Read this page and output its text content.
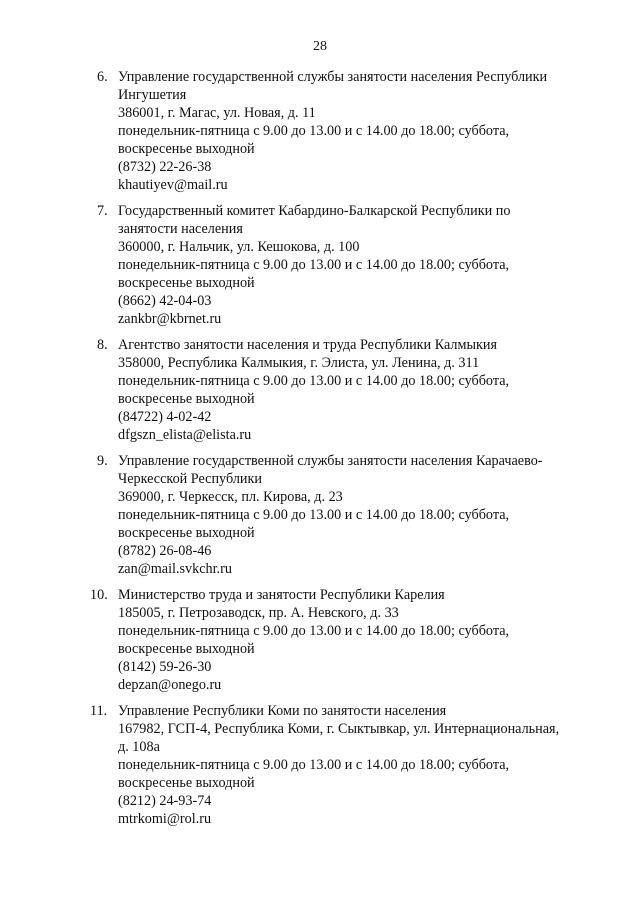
28
6. Управление государственной службы занятости населения Республики
Ингушетия
386001, г. Магас, ул. Новая, д. 11
понедельник-пятница с 9.00 до 13.00 и с 14.00 до 18.00; суббота,
воскресенье выходной
(8732) 22-26-38
khautiyev@mail.ru
7. Государственный комитет Кабардино-Балкарской Республики по
занятости населения
360000, г. Нальчик, ул. Кешокова, д. 100
понедельник-пятница с 9.00 до 13.00 и с 14.00 до 18.00; суббота,
воскресенье выходной
(8662) 42-04-03
zankbr@kbrnet.ru
8. Агентство занятости населения и труда Республики Калмыкия
358000, Республика Калмыкия, г. Элиста, ул. Ленина, д. 311
понедельник-пятница с 9.00 до 13.00 и с 14.00 до 18.00; суббота,
воскресенье выходной
(84722) 4-02-42
dfgszn_elista@elista.ru
9. Управление государственной службы занятости населения Карачаево-
Черкесской Республики
369000, г. Черкесск, пл. Кирова, д. 23
понедельник-пятница с 9.00 до 13.00 и с 14.00 до 18.00; суббота,
воскресенье выходной
(8782) 26-08-46
zan@mail.svkchr.ru
10. Министерство труда и занятости Республики Карелия
185005, г. Петрозаводск, пр. А. Невского, д. 33
понедельник-пятница с 9.00 до 13.00 и с 14.00 до 18.00; суббота,
воскресенье выходной
(8142) 59-26-30
depzan@onego.ru
11. Управление Республики Коми по занятости населения
167982, ГСП-4, Республика Коми, г. Сыктывкар, ул. Интернациональная,
д. 108а
понедельник-пятница с 9.00 до 13.00 и с 14.00 до 18.00; суббота,
воскресенье выходной
(8212) 24-93-74
mtrkomi@rol.ru
